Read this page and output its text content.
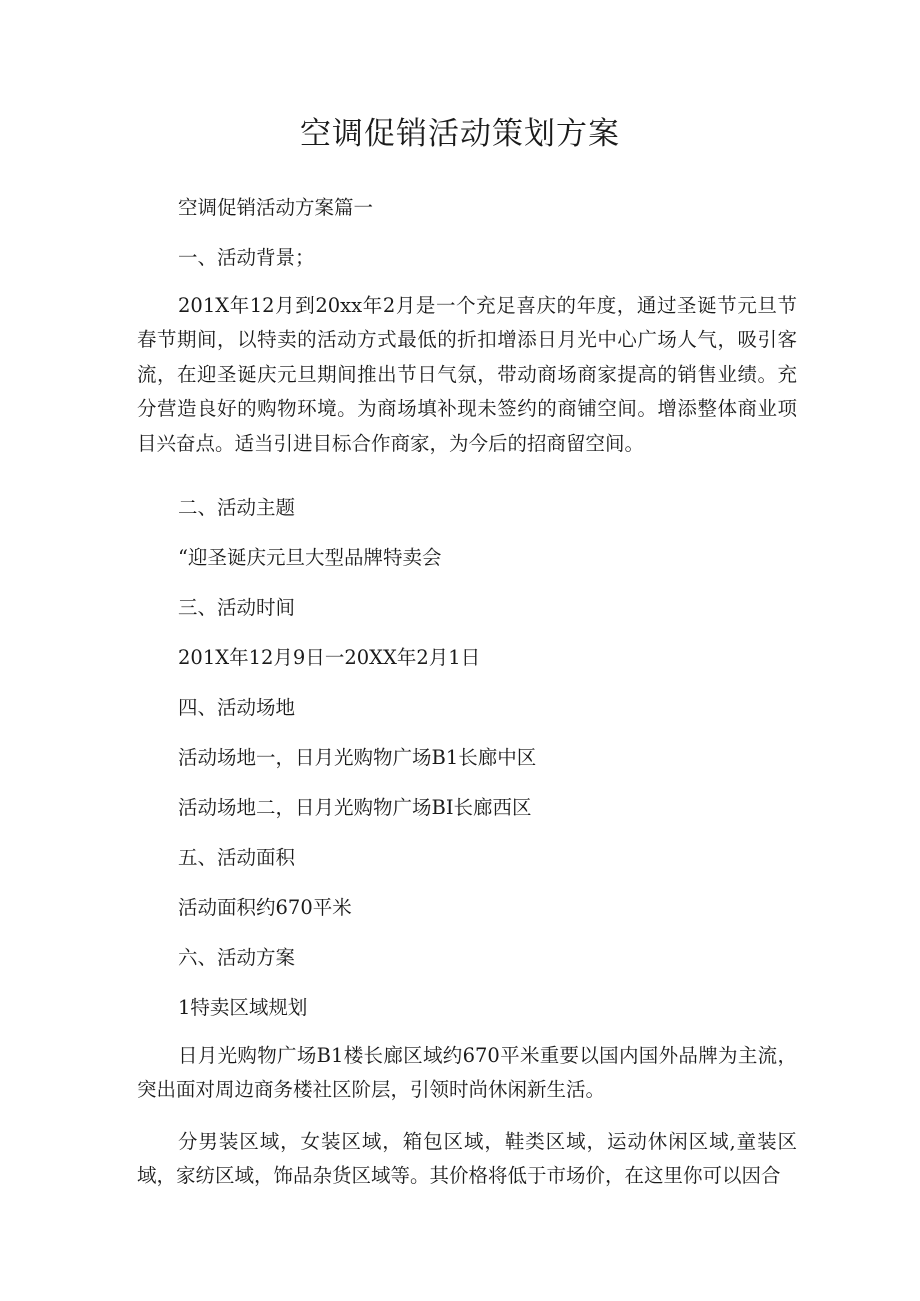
空调促销活动策划方案
空调促销活动方案篇一
一、活动背景；
201X年12月到20xx年2月是一个充足喜庆的年度，通过圣诞节元旦节春节期间，以特卖的活动方式最低的折扣增添日月光中心广场人气，吸引客流，在迎圣诞庆元旦期间推出节日气氛，带动商场商家提高的销售业绩。充分营造良好的购物环境。为商场填补现未签约的商铺空间。增添整体商业项目兴奋点。适当引进目标合作商家，为今后的招商留空间。
二、活动主题
“迎圣诞庆元旦大型品牌特卖会
三、活动时间
201X年12月9日一20XX年2月1日
四、活动场地
活动场地一，日月光购物广场B1长廊中区
活动场地二，日月光购物广场BI长廊西区
五、活动面积
活动面积约670平米
六、活动方案
1特卖区域规划
日月光购物广场B1楼长廊区域约670平米重要以国内国外品牌为主流，突出面对周边商务楼社区阶层，引领时尚休闲新生活。
分男装区域，女装区域，箱包区域，鞋类区域，运动休闲区域,童装区域，家纺区域，饰品杂货区域等。其价格将低于市场价，在这里你可以因合
